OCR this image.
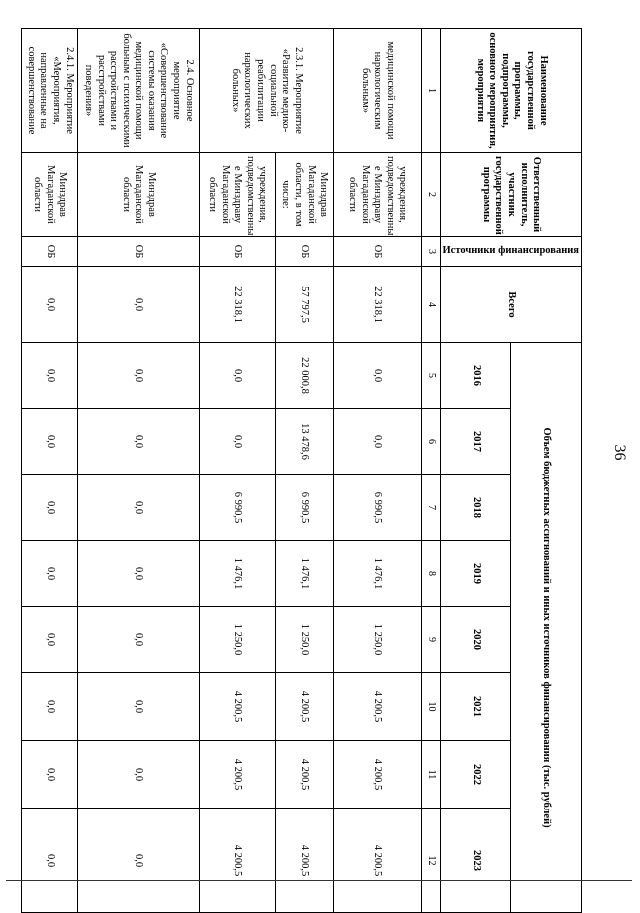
36
Наименование государственной программы, подпрограммы, основного мероприятия, мероприятия	Ответственный исполнитель, участник государственной программы	Источники финансирования	Всего	Объем бюджетных ассигнований и иных источников финансирования (тыс. рублей)							
				2016	2017	2018	2019	2020	2021	2022	2023
1	2	3	4	5	6	7	8	9	10	11	12
медицинской помощи наркологическим больным»	учреждения, подведомственны е Минздраву Магаданской области	ОБ	22 318,1	0,0	0,0	6 990,5	1 476,1	1 250,0	4 200,5	4 200,5	4 200,5
2.3.1. Мероприятие «Развитие медико-социальной реабилитации наркологических больных»	Минздрав Магаданской области, в том числе:	ОБ	57 797,5	22 000,8	13 478,6	6 990,5	1 476,1	1 250,0	4 200,5	4 200,5	4 200,5
	учреждения, подведомственны е Минздраву Магаданской области	ОБ	22 318,1	0,0	0,0	6 990,5	1 476,1	1 250,0	4 200,5	4 200,5	4 200,5
2.4. Основное мероприятие «Совершенствование системы оказания медицинской помощи больным с психическими расстройствами и расстройствами поведения»	Минздрав Магаданской области	ОБ	0,0	0,0	0,0	0,0	0,0	0,0	0,0	0,0	0,0
2.4.1. Мероприятие «Мероприятия, направленные на совершенствование	Минздрав Магаданской области	ОБ	0,0	0,0	0,0	0,0	0,0	0,0	0,0	0,0	0,0
